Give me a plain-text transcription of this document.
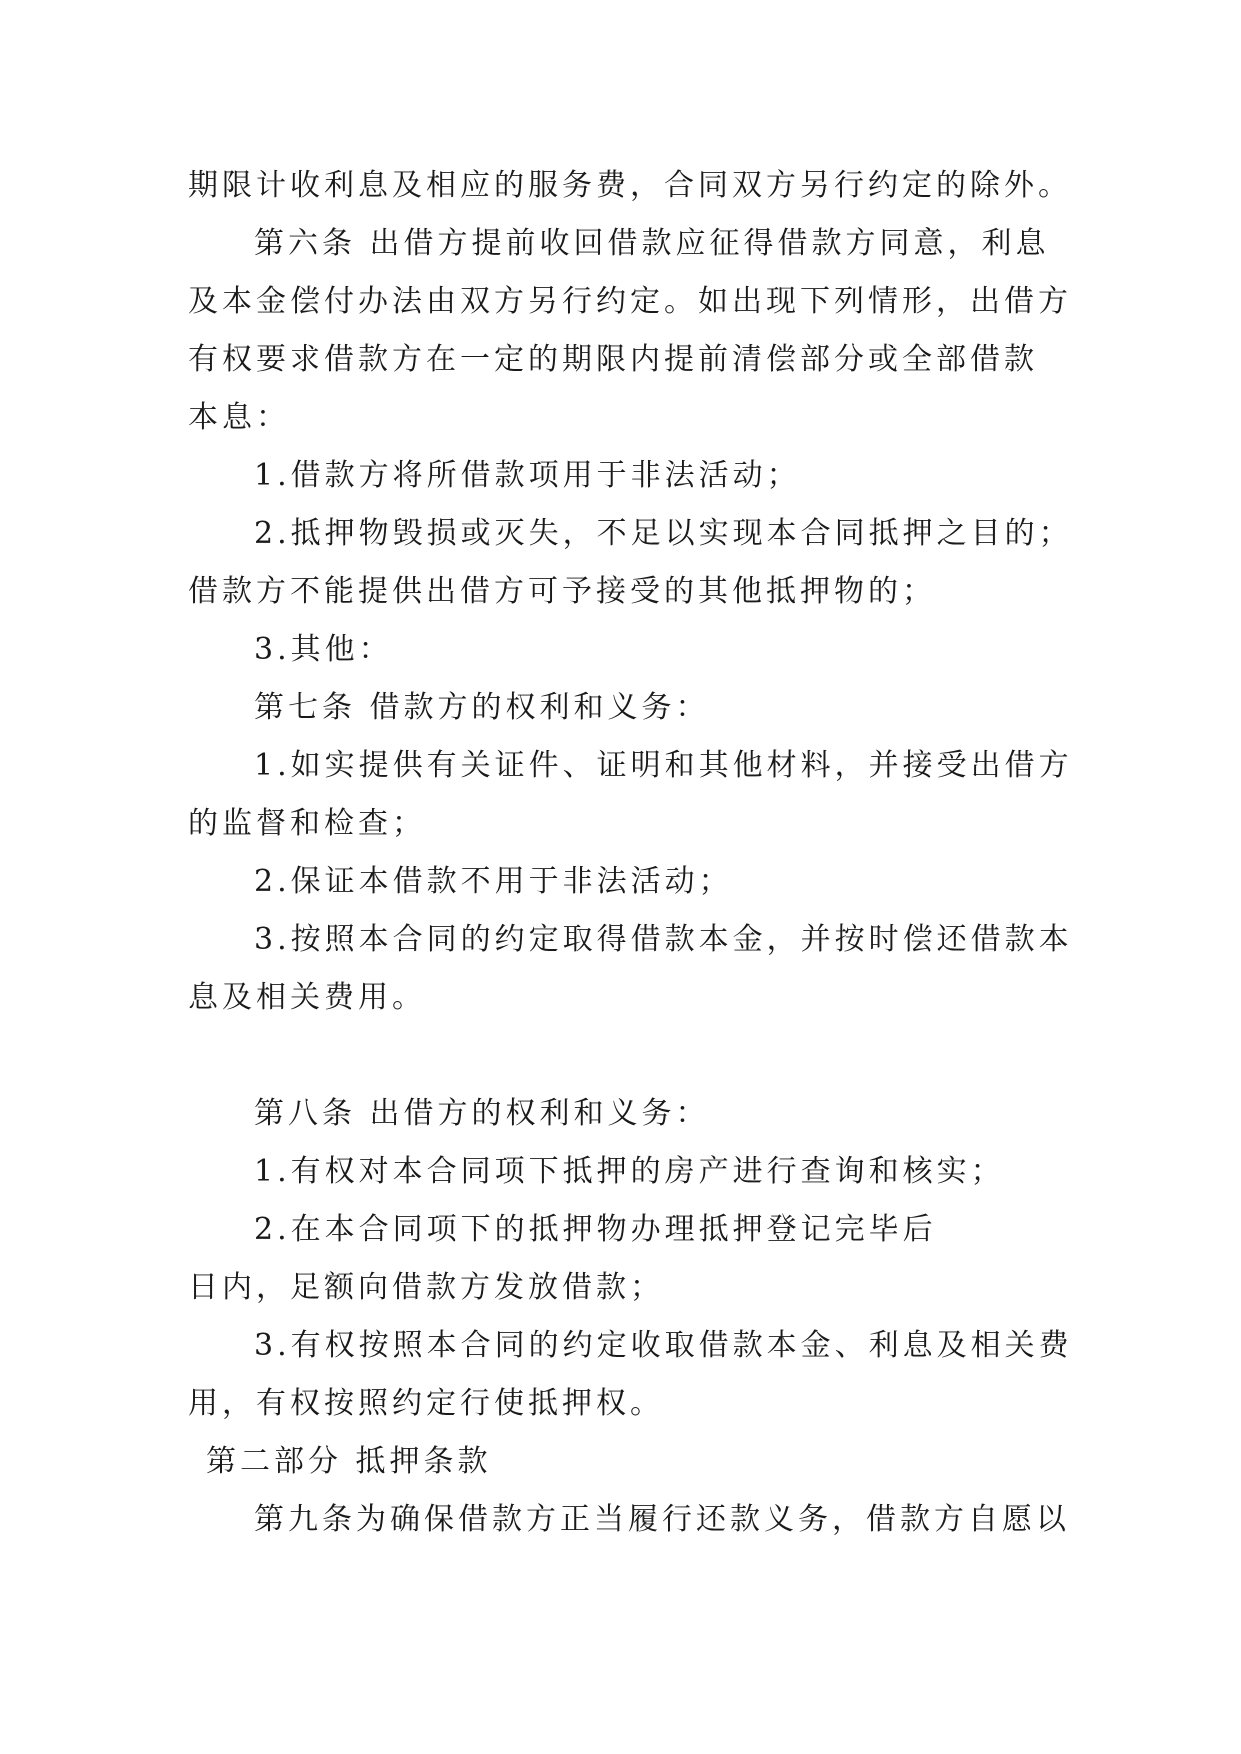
期限计收利息及相应的服务费，合同双方另行约定的除外。
第六条 出借方提前收回借款应征得借款方同意，利息
及本金偿付办法由双方另行约定。如出现下列情形，出借方
有权要求借款方在一定的期限内提前清偿部分或全部借款
本息：
1.借款方将所借款项用于非法活动；
2.抵押物毁损或灭失，不足以实现本合同抵押之目的；
借款方不能提供出借方可予接受的其他抵押物的；
3.其他：
第七条 借款方的权利和义务：
1.如实提供有关证件、证明和其他材料，并接受出借方
的监督和检查；
2.保证本借款不用于非法活动；
3.按照本合同的约定取得借款本金，并按时偿还借款本
息及相关费用。
第八条 出借方的权利和义务：
1.有权对本合同项下抵押的房产进行查询和核实；
2.在本合同项下的抵押物办理抵押登记完毕后
日内，足额向借款方发放借款；
3.有权按照本合同的约定收取借款本金、利息及相关费
用，有权按照约定行使抵押权。
第二部分 抵押条款
第九条为确保借款方正当履行还款义务，借款方自愿以
